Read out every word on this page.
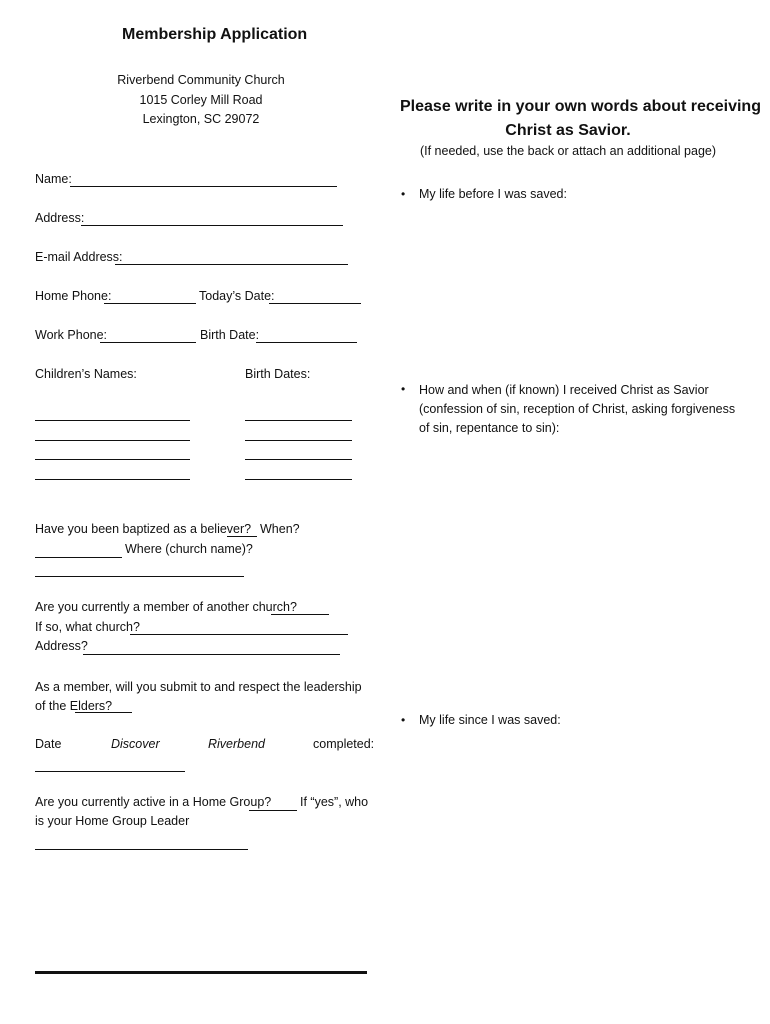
Membership Application
Riverbend Community Church
1015 Corley Mill Road
Lexington, SC 29072
Name:
Address:
E-mail Address:
Home Phone:	Today’s Date:
Work Phone:	Birth Date:
Children’s Names:	Birth Dates:
Have you been baptized as a believer? When?
Where (church name)?
Are you currently a member of another church?
If so, what church?
Address?
As a member, will you submit to and respect the leadership of the Elders?
Date	Discover	Riverbend	completed:
Are you currently active in a Home Group? If “yes”, who
is your Home Group Leader
Please write in your own words about receiving
Christ as Savior.
(If needed, use the back or attach an additional page)
• My life before I was saved:
• How and when (if known) I received Christ as Savior (confession of sin, reception of Christ, asking forgiveness of sin, repentance to sin):
• My life since I was saved:
